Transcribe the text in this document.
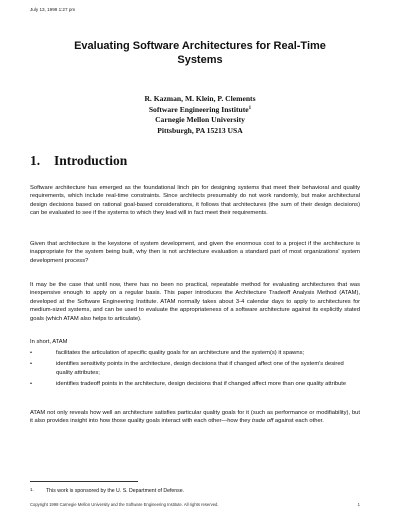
July 13, 1999 1:27 pm
Evaluating Software Architectures for Real-Time
Systems
R. Kazman, M. Klein, P. Clements
Software Engineering Institute$^1$
Carnegie Mellon University
Pittsburgh, PA 15213 USA
1. Introduction

Software architecture has emerged as the foundational linch pin for designing systems that meet their behavioral and quality requirements, which include real-time constraints. Since architects presumably do not work randomly, but make architectural design decisions based on rational goal-based considerations, it follows that architectures (the sum of their design decisions) can be evaluated to see if the systems to which they lead will in fact meet their requirements.

Given that architecture is the keystone of system development, and given the enormous cost to a project if the architecture is inappropriate for the system being built, why then is not architecture evaluation a standard part of most organizations' system development process?

It may be the case that until now, there has no been no practical, repeatable method for evaluating architectures that was inexpensive enough to apply on a regular basis. This paper introduces the Architecture Tradeoff Analysis Method (ATAM), developed at the Software Engineering Institute. ATAM normally takes about 3-4 calendar days to apply to architectures for medium-sized systems, and can be used to evaluate the appropriateness of a software architecture against its explicitly stated goals (which ATAM also helps to articulate).

In short, ATAM

•	facilitates the articulation of specific quality goals for an architecture and the system(s) it spawns;
•	identifies sensitivity points in the architecture, design decisions that if changed affect one of the system's desired quality attributes;
•	identifies tradeoff points in the architecture, design decisions that if changed affect more than one quality attribute

ATAM not only reveals how well an architecture satisfies particular quality goals for it (such as performance or modifiability), but it also provides insight into how those quality goals interact with each other—how they trade off against each other.

1. This work is sponsored by the U. S. Department of Defense.
Copyright 1998 Carnegie Mellon University and the Software Engineering Institute. All rights reserved.	1
